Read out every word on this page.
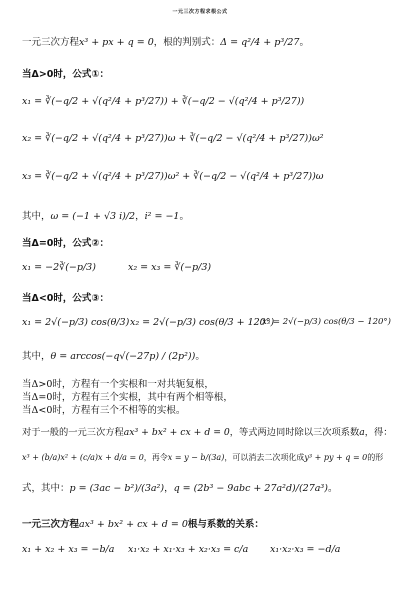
一元三次方程求根公式
一元三次方程x³ + px + q = 0，根的判别式：Δ = q²/4 + p³/27。
当Δ>0时，公式①：
x₁ = ∛(−q/2 + √(q²/4 + p³/27)) + ∛(−q/2 − √(q²/4 + p³/27))
x₂ = ∛(−q/2 + √(q²/4 + p³/27))ω + ∛(−q/2 − √(q²/4 + p³/27))ω²
x₃ = ∛(−q/2 + √(q²/4 + p³/27))ω² + ∛(−q/2 − √(q²/4 + p³/27))ω
其中，ω = (−1 + √3 i)/2，i² = −1。
当Δ=0时，公式②：
x₁ = −2∛(−p/3)	x₂ = x₃ = ∛(−p/3)
当Δ<0时，公式③：
x₁ = 2√(−p/3) cos(θ/3) x₂ = 2√(−p/3) cos(θ/3 + 120°)
x₃ = 2√(−p/3) cos(θ/3 − 120°)
其中，θ = arccos(−q√(−27p) / (2p²))。
当Δ>0时，方程有一个实根和一对共轭复根，
当Δ=0时，方程有三个实根，其中有两个相等根，
当Δ<0时，方程有三个不相等的实根。
对于一般的一元三次方程ax³ + bx² + cx + d = 0，等式两边同时除以三次项系数a，得：
x³ + (b/a)x² + (c/a)x + d/a = 0，再令x = y − b/(3a)，可以消去二次项化成y³ + py + q = 0的形
式，其中：p = (3ac − b²)/(3a²)，q = (2b³ − 9abc + 27a²d)/(27a³)。
一元三次方程ax³ + bx² + cx + d = 0根与系数的关系：
x₁ + x₂ + x₃ = −b/a x₁·x₂ + x₁·x₃ + x₂·x₃ = c/a x₁·x₂·x₃ = −d/a
